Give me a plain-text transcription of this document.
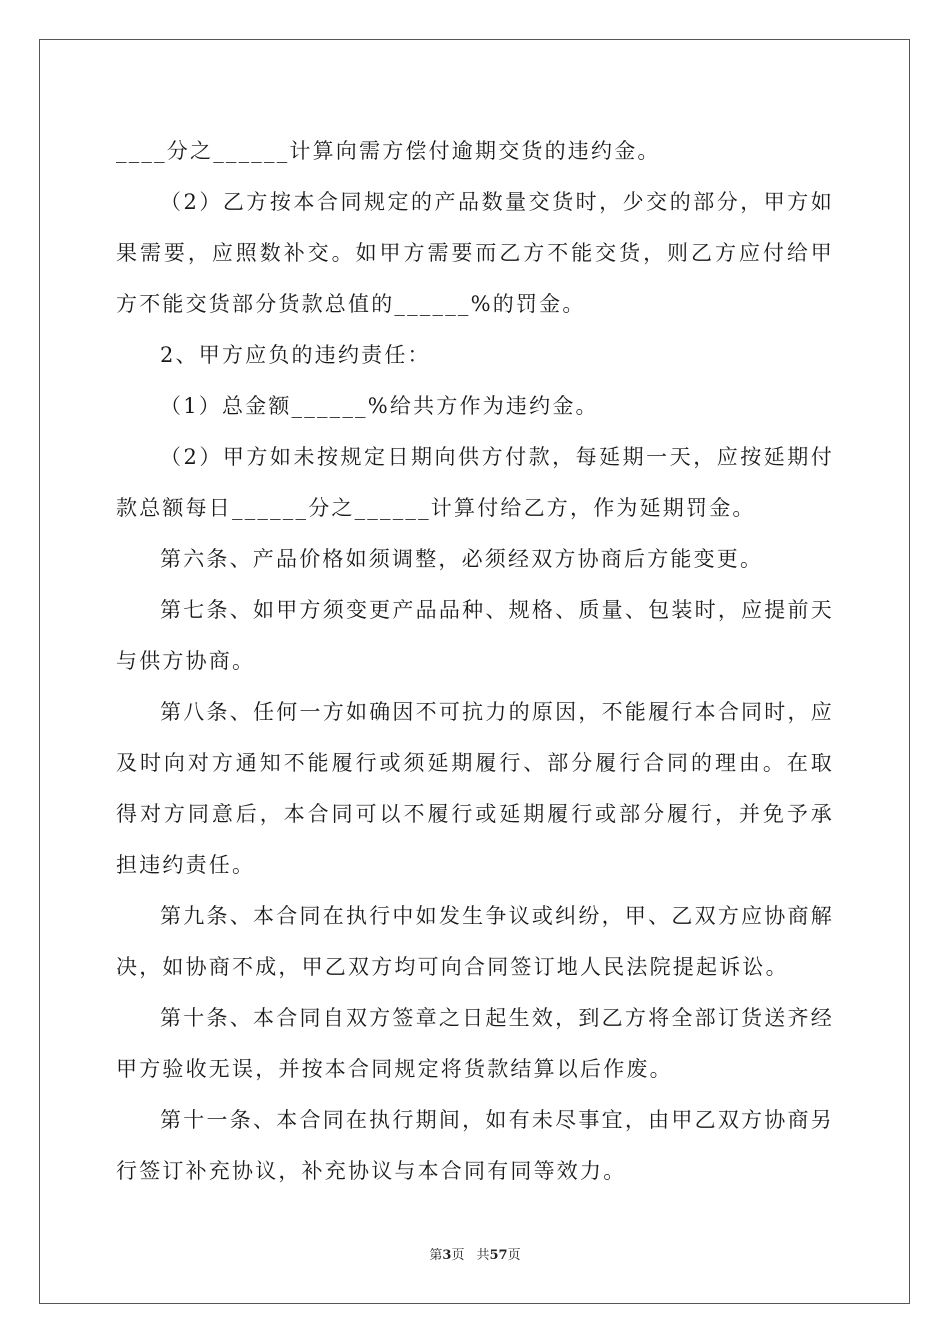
____分之______计算向需方偿付逾期交货的违约金。

（2）乙方按本合同规定的产品数量交货时，少交的部分，甲方如果需要，应照数补交。如甲方需要而乙方不能交货，则乙方应付给甲方不能交货部分货款总值的______%的罚金。

2、甲方应负的违约责任：

（1）总金额______%给共方作为违约金。

（2）甲方如未按规定日期向供方付款，每延期一天，应按延期付款总额每日______分之______计算付给乙方，作为延期罚金。

第六条、产品价格如须调整，必须经双方协商后方能变更。

第七条、如甲方须变更产品品种、规格、质量、包装时，应提前天与供方协商。

第八条、任何一方如确因不可抗力的原因，不能履行本合同时，应及时向对方通知不能履行或须延期履行、部分履行合同的理由。在取得对方同意后，本合同可以不履行或延期履行或部分履行，并免予承担违约责任。

第九条、本合同在执行中如发生争议或纠纷，甲、乙双方应协商解决，如协商不成，甲乙双方均可向合同签订地人民法院提起诉讼。

第十条、本合同自双方签章之日起生效，到乙方将全部订货送齐经甲方验收无误，并按本合同规定将货款结算以后作废。

第十一条、本合同在执行期间，如有未尽事宜，由甲乙双方协商另行签订补充协议，补充协议与本合同有同等效力。

第3页 共57页
